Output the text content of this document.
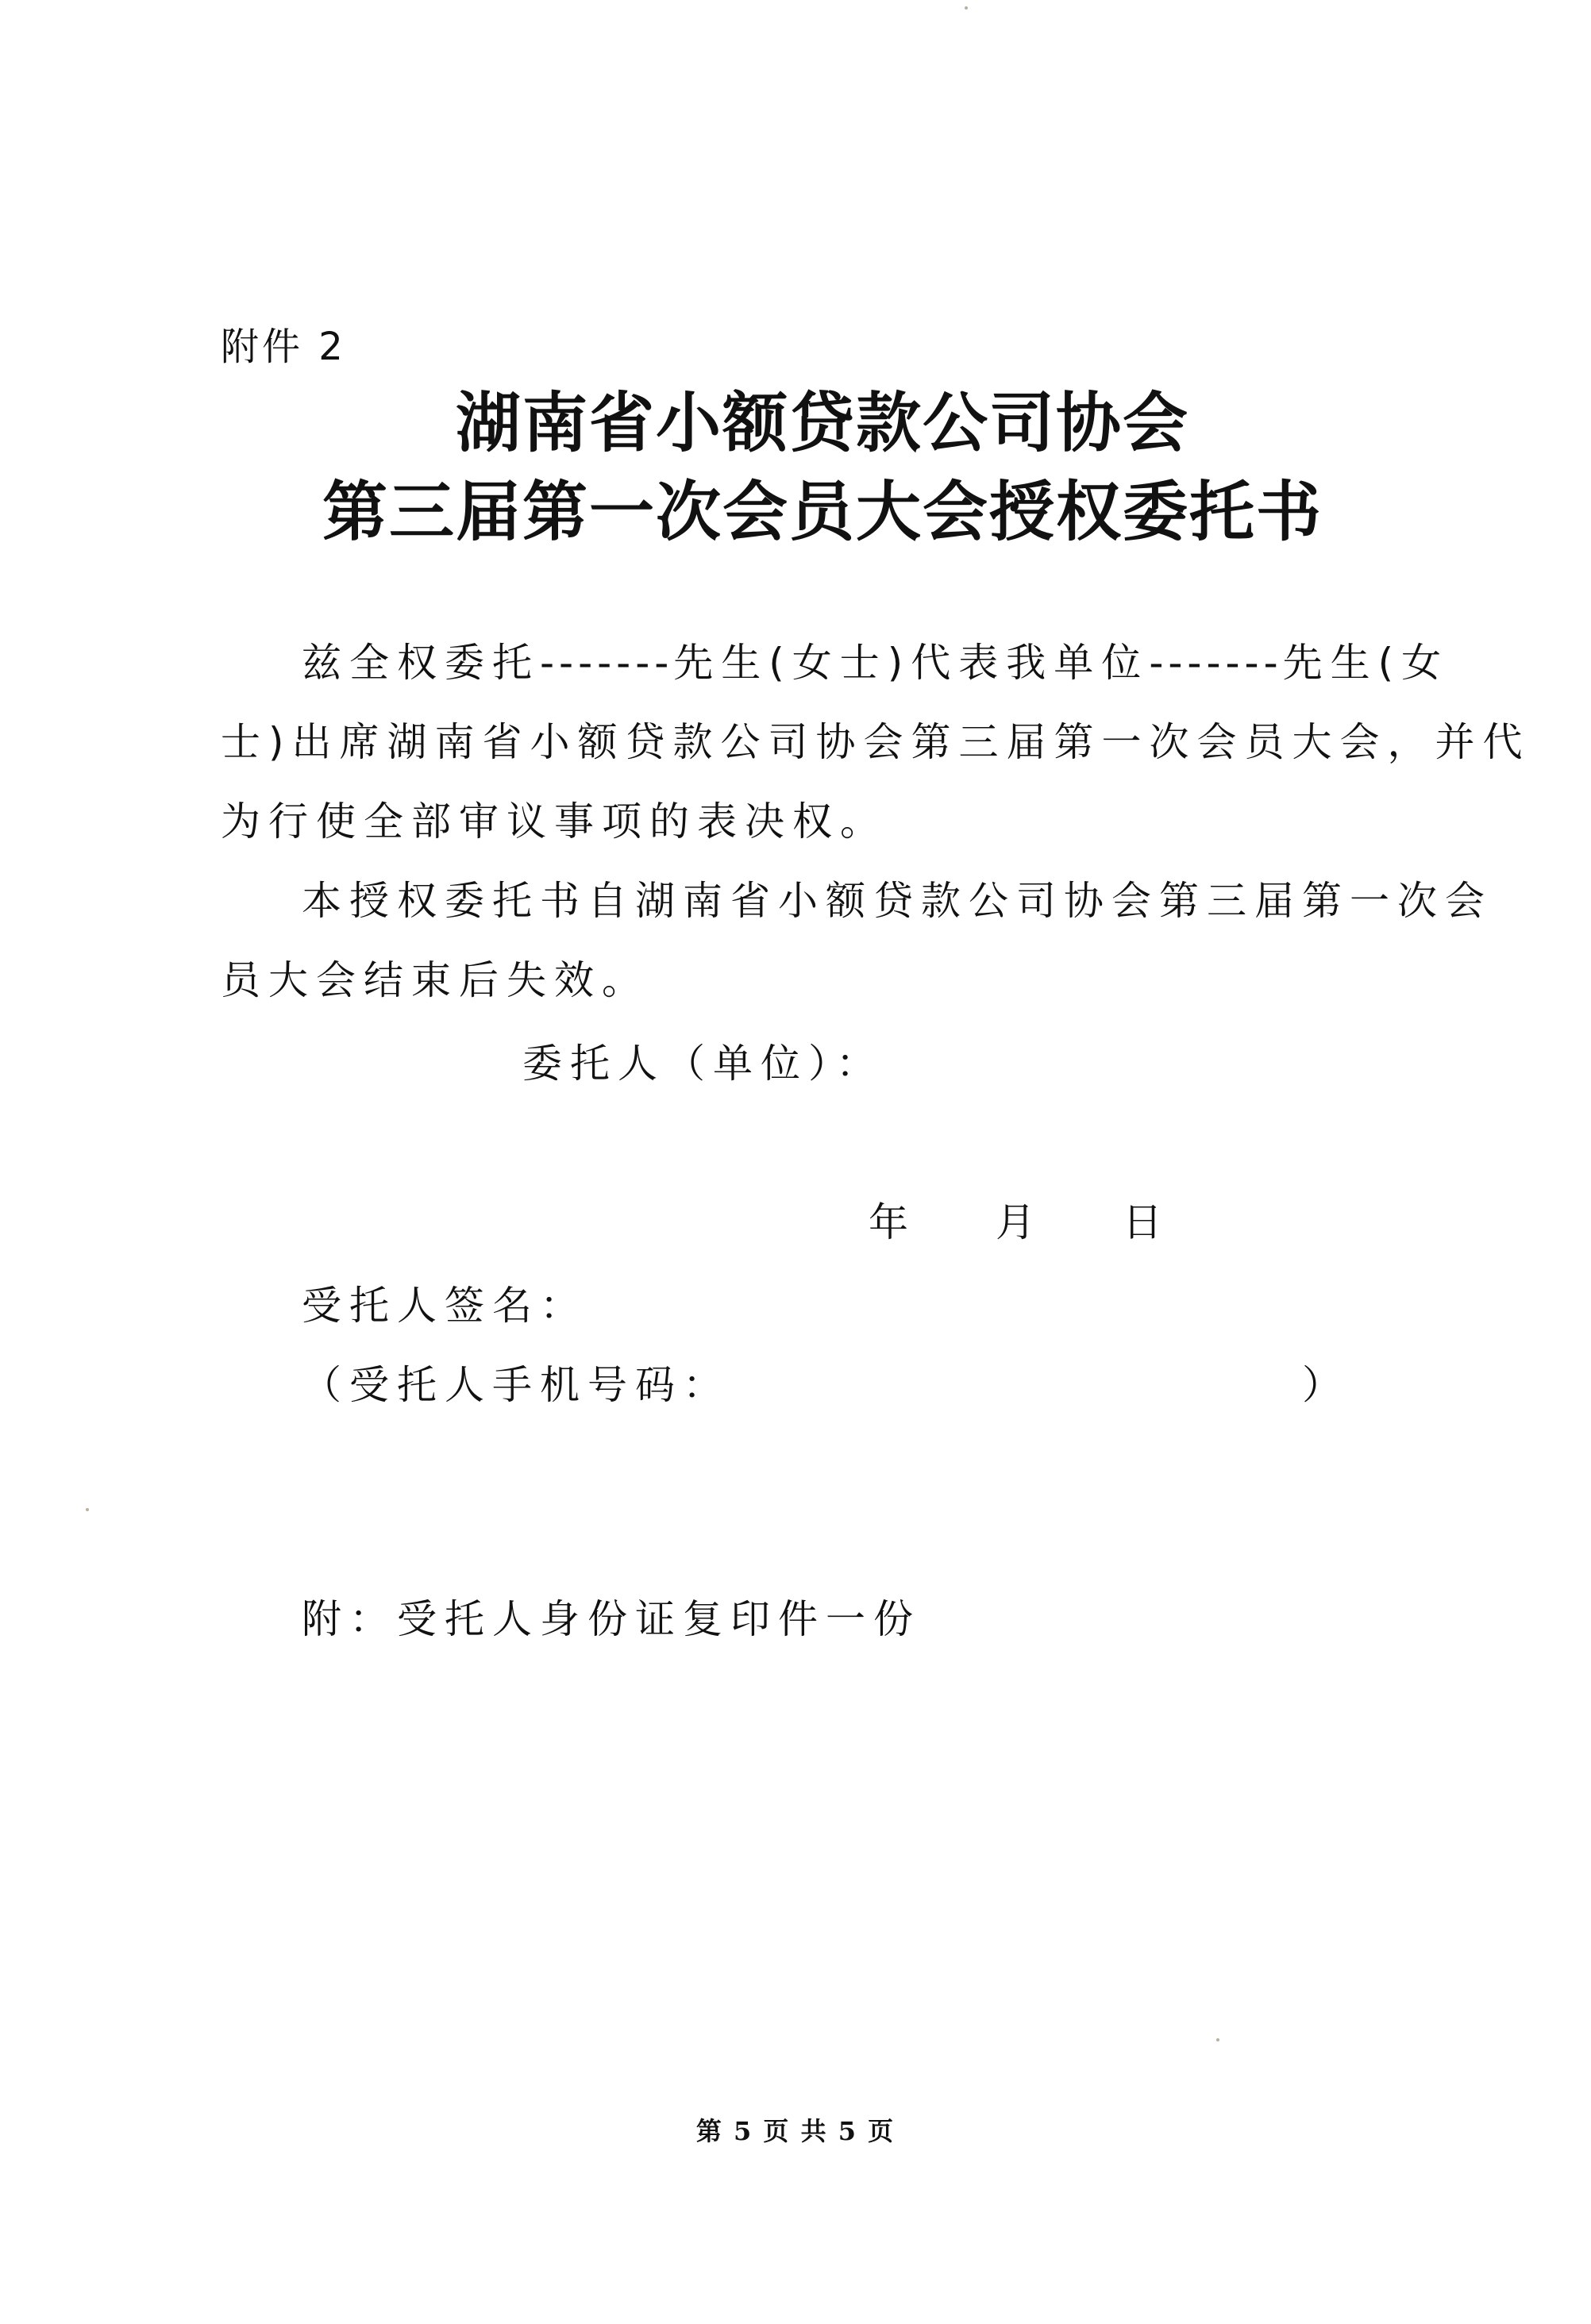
附件 2
湖南省小额贷款公司协会
第三届第一次会员大会授权委托书
兹全权委托-------先生(女士)代表我单位-------先生(女
士)出席湖南省小额贷款公司协会第三届第一次会员大会，并代
为行使全部审议事项的表决权。
本授权委托书自湖南省小额贷款公司协会第三届第一次会
员大会结束后失效。
委托人（单位）：
年 月 日
受托人签名：
（受托人手机号码：	）
附：受托人身份证复印件一份
第 5 页 共 5 页
